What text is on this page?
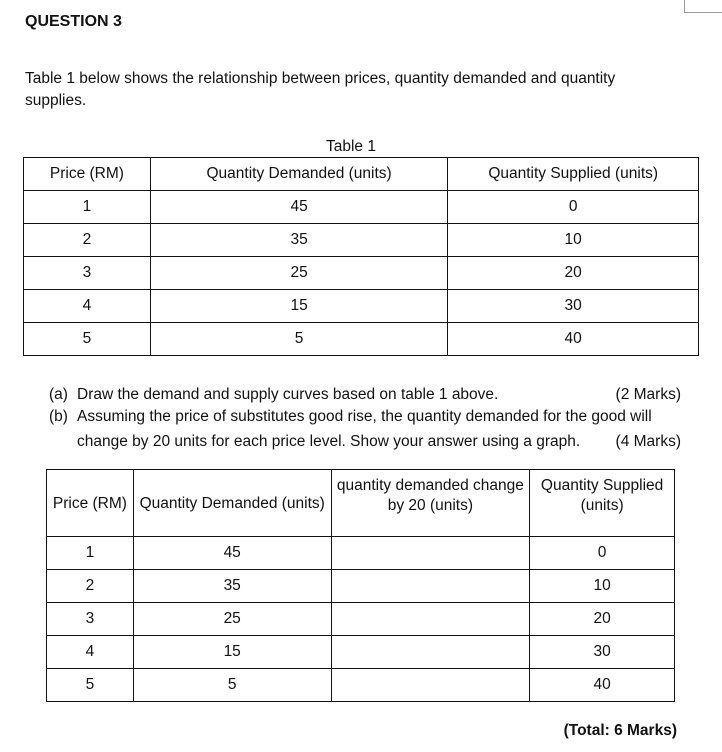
QUESTION 3
Table 1 below shows the relationship between prices, quantity demanded and quantity supplies.
Table 1
Price (RM)	Quantity Demanded (units)	Quantity Supplied (units)
1	45	0
2	35	10
3	25	20
4	15	30
5	5	40
(a) Draw the demand and supply curves based on table 1 above.	(2 Marks)
(b) Assuming the price of substitutes good rise, the quantity demanded for the good will change by 20 units for each price level. Show your answer using a graph. (4 Marks)
Price (RM)	Quantity Demanded (units)	quantity demanded change by 20 (units)	Quantity Supplied (units)
1	45		0
2	35		10
3	25		20
4	15		30
5	5		40
(Total: 6 Marks)
